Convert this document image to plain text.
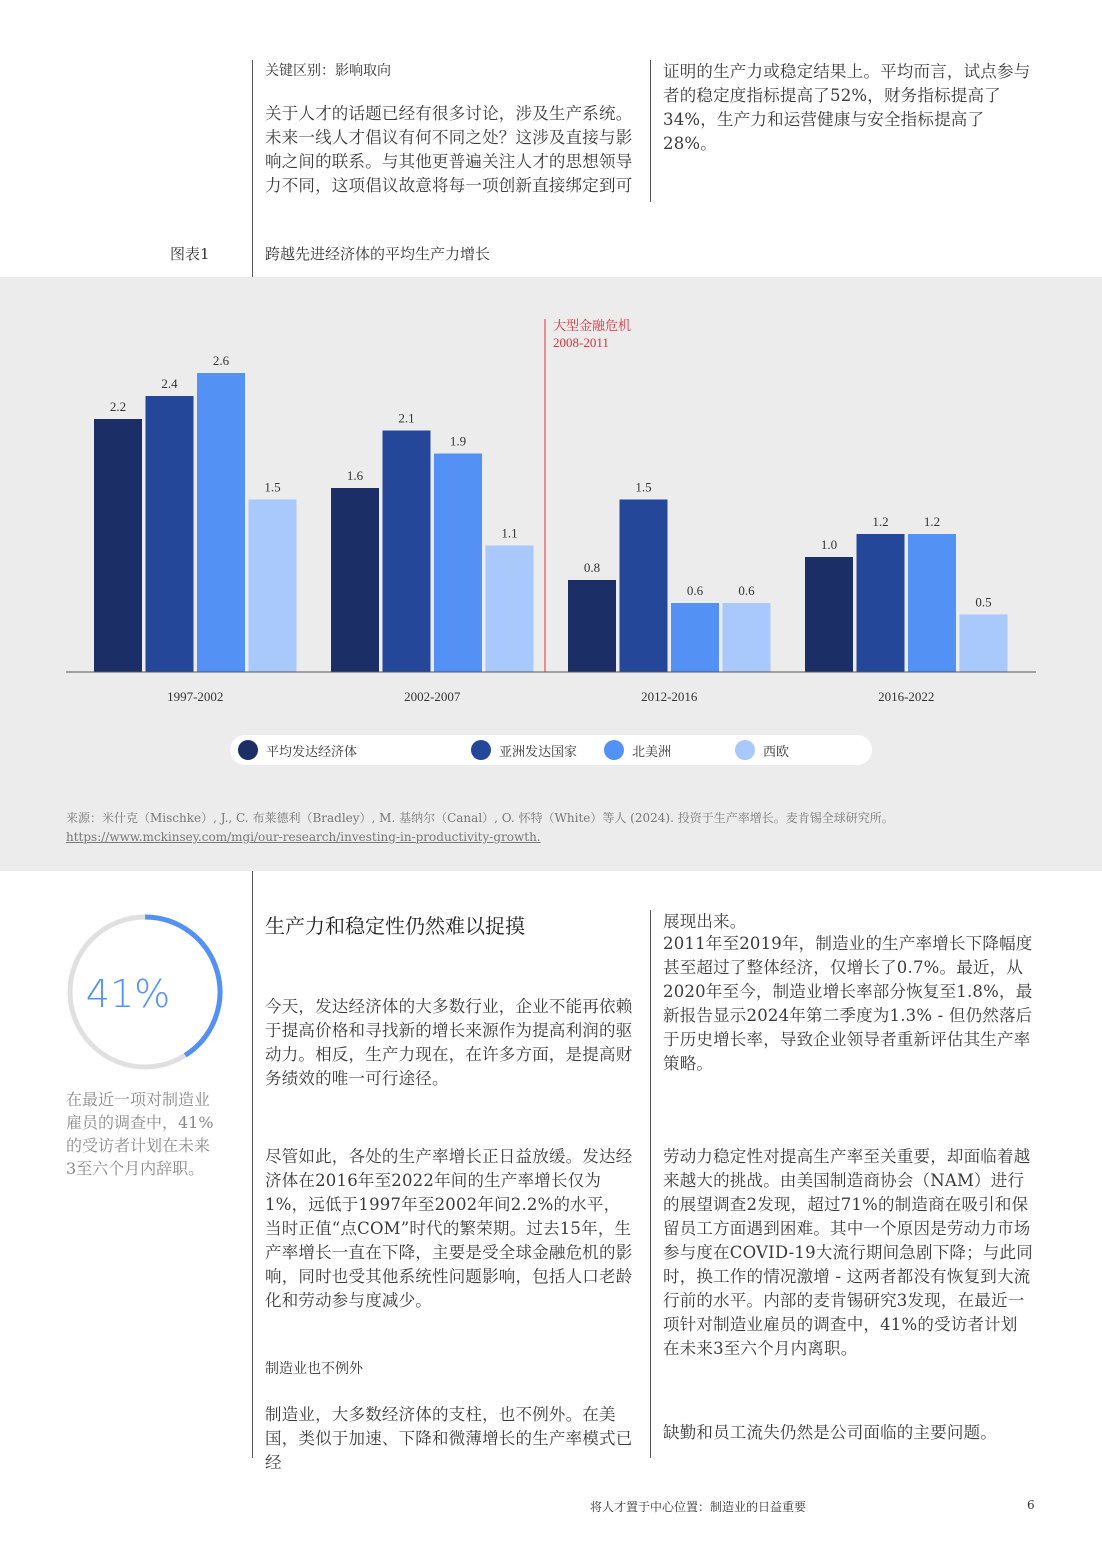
关键区别：影响取向
关于人才的话题已经有很多讨论，涉及生产系统。未来一线人才倡议有何不同之处？这涉及直接与影响之间的联系。与其他更普遍关注人才的思想领导力不同，这项倡议故意将每一项创新直接绑定到可
证明的生产力或稳定结果上。平均而言，试点参与者的稳定度指标提高了52%，财务指标提高了34%，生产力和运营健康与安全指标提高了28%。
图表1	跨越先进经济体的平均生产力增长
2.2
2.4
2.6
1.5
1997-2002
1.6
2.1
1.9
1.1
2002-2007
0.8
1.5
0.6	0.6
2012-2016
1.0
1.2	1.2
0.5
2016-2022
大型金融危机
2008-2011
平均发达经济体	亚洲发达国家	北美洲	西欧
来源：米什克（Mischke）, J., C. 布莱德利（Bradley）, M. 基纳尔（Canal）, O. 怀特（White）等人 (2024). 投资于生产率增长。麦肯锡全球研究所。
https://www.mckinsey.com/mgi/our-research/investing-in-productivity-growth.
41%
在最近一项对制造业
雇员的调查中，41%
的受访者计划在未来
3至六个月内辞职。
生产力和稳定性仍然难以捉摸
今天，发达经济体的大多数行业，企业不能再依赖于提高价格和寻找新的增长来源作为提高利润的驱动力。相反，生产力现在，在许多方面，是提高财务绩效的唯一可行途径。
尽管如此，各处的生产率增长正日益放缓。发达经济体在2016年至2022年间的生产率增长仅为1%，远低于1997年至2002年间2.2%的水平，当时正值“点COM”时代的繁荣期。过去15年，生产率增长一直在下降，主要是受全球金融危机的影响，同时也受其他系统性问题影响，包括人口老龄化和劳动参与度减少。
制造业也不例外
制造业，大多数经济体的支柱，也不例外。在美国，类似于加速、下降和微薄增长的生产率模式已经
展现出来。
2011年至2019年，制造业的生产率增长下降幅度甚至超过了整体经济，仅增长了0.7%。最近，从2020年至今，制造业增长率部分恢复至1.8%，最新报告显示2024年第二季度为1.3% - 但仍然落后于历史增长率，导致企业领导者重新评估其生产率策略。
劳动力稳定性对提高生产率至关重要，却面临着越来越大的挑战。由美国制造商协会（NAM）进行的展望调查2发现，超过71%的制造商在吸引和保留员工方面遇到困难。其中一个原因是劳动力市场参与度在COVID-19大流行期间急剧下降；与此同时，换工作的情况激增 - 这两者都没有恢复到大流行前的水平。内部的麦肯锡研究3发现，在最近一项针对制造业雇员的调查中，41%的受访者计划在未来3至六个月内离职。
缺勤和员工流失仍然是公司面临的主要问题。
将人才置于中心位置：制造业的日益重要	6
